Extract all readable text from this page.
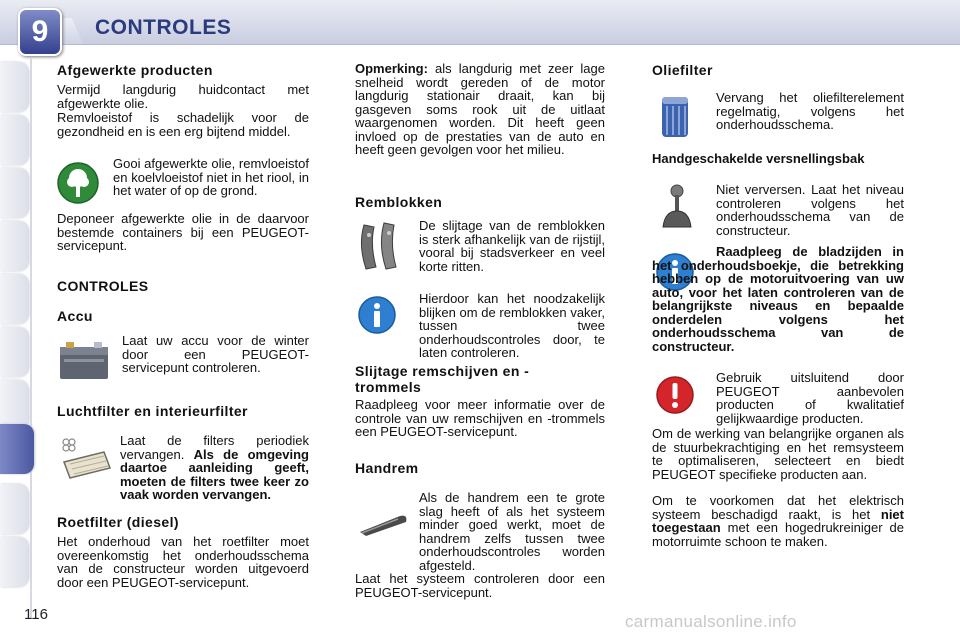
9	CONTROLES
Afgewerkte producten
Vermijd langdurig huidcontact met afgewerkte olie.
Remvloeistof is schadelijk voor de gezondheid en is een erg bijtend middel.
Gooi afgewerkte olie, remvloeistof en koelvloeistof niet in het riool, in het water of op de grond.
Deponeer afgewerkte olie in de daarvoor bestemde containers bij een PEUGEOT-servicepunt.
CONTROLES
Accu
Laat uw accu voor de winter door een PEUGEOT-servicepunt controleren.
Luchtfilter en interieurfilter
Laat de filters periodiek vervangen. Als de omgeving daartoe aanleiding geeft, moeten de filters twee keer zo vaak worden vervangen.
Roetfilter (diesel)
Het onderhoud van het roetfilter moet overeenkomstig het onderhoudsschema van de constructeur worden uitgevoerd door een PEUGEOT-servicepunt.
Opmerking: als langdurig met zeer lage snelheid wordt gereden of de motor langdurig stationair draait, kan bij gasgeven soms rook uit de uitlaat waargenomen worden. Dit heeft geen invloed op de prestaties van de auto en heeft geen gevolgen voor het milieu.
Remblokken
De slijtage van de remblokken is sterk afhankelijk van de rijstijl, vooral bij stadsverkeer en veel korte ritten.
Hierdoor kan het noodzakelijk blijken om de remblokken vaker, tussen twee onderhoudscontroles door, te laten controleren.
Slijtage remschijven en -trommels
Raadpleeg voor meer informatie over de controle van uw remschijven en -trommels een PEUGEOT-servicepunt.
Handrem
Als de handrem een te grote slag heeft of als het systeem minder goed werkt, moet de handrem zelfs tussen twee onderhoudscontroles worden afgesteld.
Laat het systeem controleren door een PEUGEOT-servicepunt.
Oliefilter
Vervang het oliefilterelement regelmatig, volgens het onderhoudsschema.
Handgeschakelde versnellingsbak
Niet verversen. Laat het niveau controleren volgens het onderhoudsschema van de constructeur.
Raadpleeg de bladzijden in het onderhoudsboekje, die betrekking hebben op de motoruitvoering van uw auto, voor het laten controleren van de belangrijkste niveaus en bepaalde onderdelen volgens het onderhoudsschema van de constructeur.
Gebruik uitsluitend door PEUGEOT aanbevolen producten of kwalitatief gelijkwaardige producten.
Om de werking van belangrijke organen als de stuurbekrachtiging en het remsysteem te optimaliseren, selecteert en biedt PEUGEOT specifieke producten aan.
Om te voorkomen dat het elektrisch systeem beschadigd raakt, is het niet toegestaan met een hogedrukreiniger de motorruimte schoon te maken.
116	carmanualsonline.info
